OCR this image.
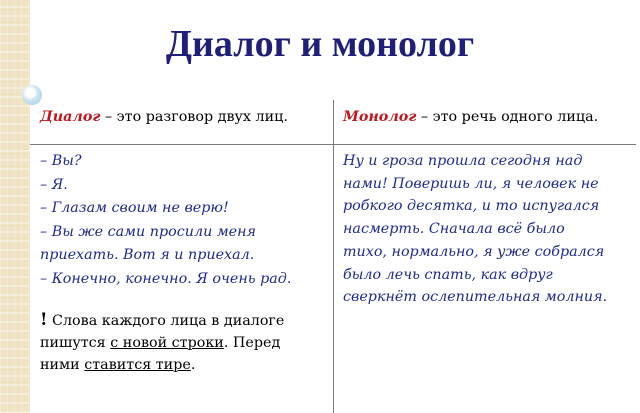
Диалог и монолог
Диалог – это разговор двух лиц.	Монолог – это речь одного лица.
– Вы?
– Я.
– Глазам своим не верю!
– Вы же сами просили меня
приехать. Вот я и приехал.
– Конечно, конечно. Я очень рад.
! Слова каждого лица в диалоге
пишутся с новой строки. Перед
ними ставится тире.
Ну и гроза прошла сегодня над
нами! Поверишь ли, я человек не
робкого десятка, и то испугался
насмерть. Сначала всё было
тихо, нормально, я уже собрался
было лечь спать, как вдруг
сверкнёт ослепительная молния.
